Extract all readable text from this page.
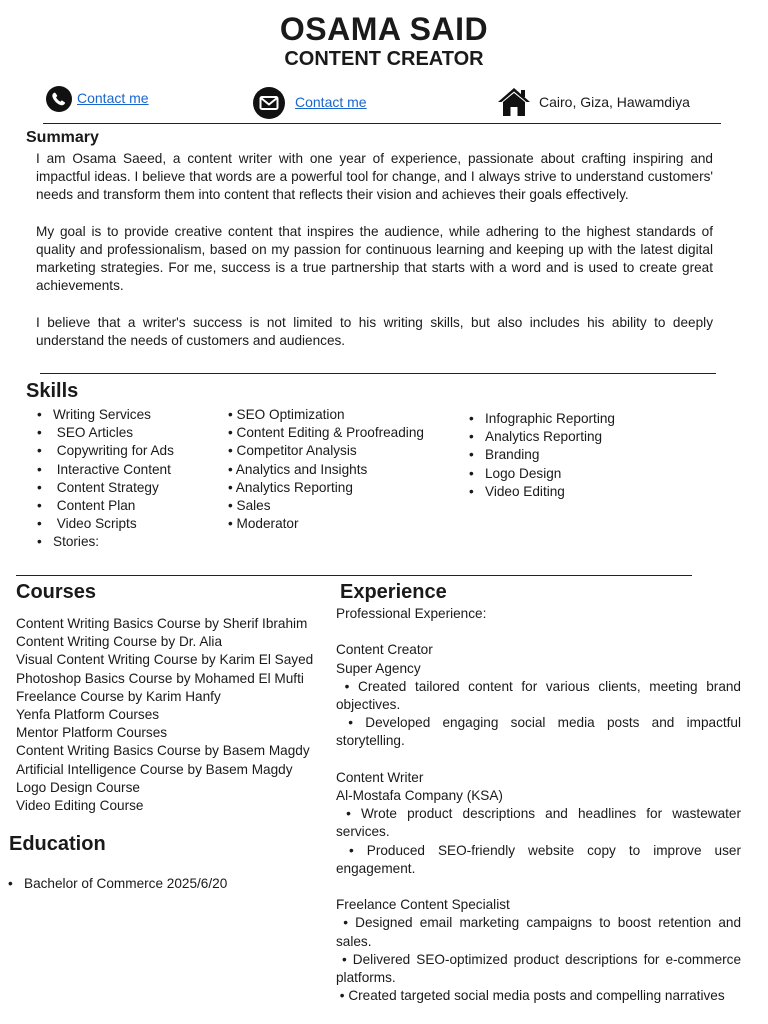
OSAMA SAID
CONTENT CREATOR
Contact me	Contact me	Cairo, Giza, Hawamdiya
Summary

I am Osama Saeed, a content writer with one year of experience, passionate about crafting inspiring and impactful ideas. I believe that words are a powerful tool for change, and I always strive to understand customers' needs and transform them into content that reflects their vision and achieves their goals effectively.

My goal is to provide creative content that inspires the audience, while adhering to the highest standards of quality and professionalism, based on my passion for continuous learning and keeping up with the latest digital marketing strategies. For me, success is a true partnership that starts with a word and is used to create great achievements.

I believe that a writer's success is not limited to his writing skills, but also includes his ability to deeply understand the needs of customers and audiences.

Skills
• Writing Services
•  SEO Articles
•  Copywriting for Ads
•  Interactive Content
•  Content Strategy
•  Content Plan
•  Video Scripts
• Stories:
• SEO Optimization
• Content Editing & Proofreading
• Competitor Analysis
• Analytics and Insights
• Analytics Reporting
• Sales
• Moderator
• Infographic Reporting
• Analytics Reporting
• Branding
• Logo Design
• Video Editing
Courses
Content Writing Basics Course by Sherif Ibrahim
Content Writing Course by Dr. Alia
Visual Content Writing Course by Karim El Sayed
Photoshop Basics Course by Mohamed El Mufti
Freelance Course by Karim Hanfy
Yenfa Platform Courses
Mentor Platform Courses
Content Writing Basics Course by Basem Magdy
Artificial Intelligence Course by Basem Magdy
Logo Design Course
Video Editing Course
Education
• Bachelor of Commerce 2025/6/20
Experience
Professional Experience:
Content Creator
Super Agency
• Created tailored content for various clients, meeting brand objectives.
• Developed engaging social media posts and impactful storytelling.
Content Writer
Al-Mostafa Company (KSA)
• Wrote product descriptions and headlines for wastewater services.
• Produced SEO-friendly website copy to improve user engagement.
Freelance Content Specialist
• Designed email marketing campaigns to boost retention and sales.
• Delivered SEO-optimized product descriptions for e-commerce platforms.
• Created targeted social media posts and compelling narratives
